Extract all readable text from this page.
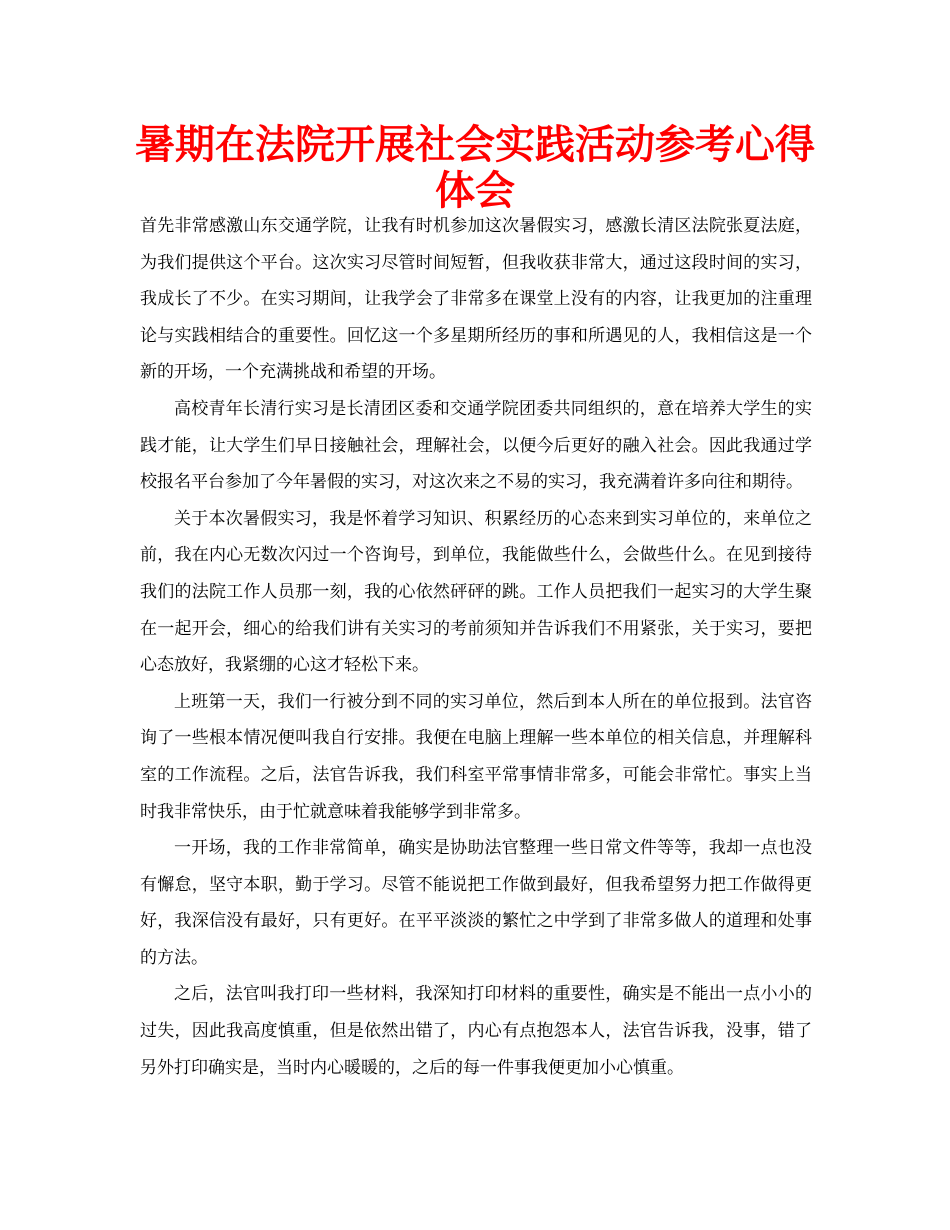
暑期在法院开展社会实践活动参考心得体会

首先非常感激山东交通学院，让我有时机参加这次暑假实习，感激长清区法院张夏法庭，为我们提供这个平台。这次实习尽管时间短暂，但我收获非常大，通过这段时间的实习，我成长了不少。在实习期间，让我学会了非常多在课堂上没有的内容，让我更加的注重理论与实践相结合的重要性。回忆这一个多星期所经历的事和所遇见的人，我相信这是一个新的开场，一个充满挑战和希望的开场。

高校青年长清行实习是长清团区委和交通学院团委共同组织的，意在培养大学生的实践才能，让大学生们早日接触社会，理解社会，以便今后更好的融入社会。因此我通过学校报名平台参加了今年暑假的实习，对这次来之不易的实习，我充满着许多向往和期待。

关于本次暑假实习，我是怀着学习知识、积累经历的心态来到实习单位的，来单位之前，我在内心无数次闪过一个咨询号，到单位，我能做些什么，会做些什么。在见到接待我们的法院工作人员那一刻，我的心依然砰砰的跳。工作人员把我们一起实习的大学生聚在一起开会，细心的给我们讲有关实习的考前须知并告诉我们不用紧张，关于实习，要把心态放好，我紧绷的心这才轻松下来。

上班第一天，我们一行被分到不同的实习单位，然后到本人所在的单位报到。法官咨询了一些根本情况便叫我自行安排。我便在电脑上理解一些本单位的相关信息，并理解科室的工作流程。之后，法官告诉我，我们科室平常事情非常多，可能会非常忙。事实上当时我非常快乐，由于忙就意味着我能够学到非常多。

一开场，我的工作非常简单，确实是协助法官整理一些日常文件等等，我却一点也没有懈怠，坚守本职，勤于学习。尽管不能说把工作做到最好，但我希望努力把工作做得更好，我深信没有最好，只有更好。在平平淡淡的繁忙之中学到了非常多做人的道理和处事的方法。

之后，法官叫我打印一些材料，我深知打印材料的重要性，确实是不能出一点小小的过失，因此我高度慎重，但是依然出错了，内心有点抱怨本人，法官告诉我，没事，错了另外打印确实是，当时内心暖暖的，之后的每一件事我便更加小心慎重。
